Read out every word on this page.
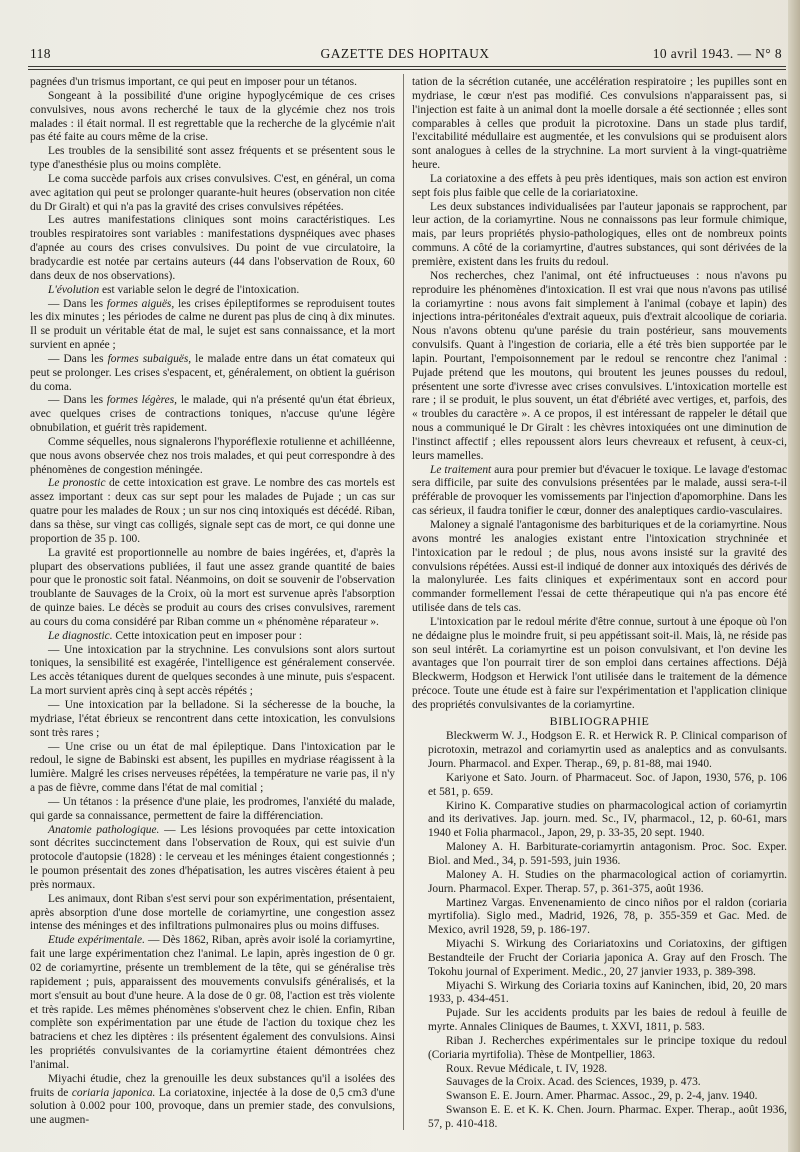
118	GAZETTE DES HOPITAUX	10 avril 1943. — N° 8

pagnées d'un trismus important, ce qui peut en imposer pour un tétanos.

Songeant à la possibilité d'une origine hypoglycémique de ces crises convulsives, nous avons recherché le taux de la glycémie chez nos trois malades : il était normal. Il est regrettable que la recherche de la glycémie n'ait pas été faite au cours même de la crise.

Les troubles de la sensibilité sont assez fréquents et se présentent sous le type d'anesthésie plus ou moins complète.

Le coma succède parfois aux crises convulsives. C'est, en général, un coma avec agitation qui peut se prolonger quarante-huit heures (observation non citée du Dr Giralt) et qui n'a pas la gravité des crises convulsives répétées.

Les autres manifestations cliniques sont moins caractéristiques. Les troubles respiratoires sont variables : manifestations dyspnéiques avec phases d'apnée au cours des crises convulsives. Du point de vue circulatoire, la bradycardie est notée par certains auteurs (44 dans l'observation de Roux, 60 dans deux de nos observations).

L'évolution est variable selon le degré de l'intoxication.

— Dans les formes aiguës, les crises épileptiformes se reproduisent toutes les dix minutes ; les périodes de calme ne durent pas plus de cinq à dix minutes. Il se produit un véritable état de mal, le sujet est sans connaissance, et la mort survient en apnée ;

— Dans les formes subaiguës, le malade entre dans un état comateux qui peut se prolonger. Les crises s'espacent, et, généralement, on obtient la guérison du coma.

— Dans les formes légères, le malade, qui n'a présenté qu'un état ébrieux, avec quelques crises de contractions toniques, n'accuse qu'une légère obnubilation, et guérit très rapidement.

Comme séquelles, nous signalerons l'hyporéflexie rotulienne et achilléenne, que nous avons observée chez nos trois malades, et qui peut correspondre à des phénomènes de congestion méningée.

Le pronostic de cette intoxication est grave. Le nombre des cas mortels est assez important : deux cas sur sept pour les malades de Pujade ; un cas sur quatre pour les malades de Roux ; un sur nos cinq intoxiqués est décédé. Riban, dans sa thèse, sur vingt cas colligés, signale sept cas de mort, ce qui donne une proportion de 35 p. 100.

La gravité est proportionnelle au nombre de baies ingérées, et, d'après la plupart des observations publiées, il faut une assez grande quantité de baies pour que le pronostic soit fatal. Néanmoins, on doit se souvenir de l'observation troublante de Sauvages de la Croix, où la mort est survenue après l'absorption de quinze baies. Le décès se produit au cours des crises convulsives, rarement au cours du coma considéré par Riban comme un « phénomène réparateur ».

Le diagnostic. Cette intoxication peut en imposer pour :

— Une intoxication par la strychnine. Les convulsions sont alors surtout toniques, la sensibilité est exagérée, l'intelligence est généralement conservée. Les accès tétaniques durent de quelques secondes à une minute, puis s'espacent. La mort survient après cinq à sept accès répétés ;

— Une intoxication par la belladone. Si la sécheresse de la bouche, la mydriase, l'état ébrieux se rencontrent dans cette intoxication, les convulsions sont très rares ;

— Une crise ou un état de mal épileptique. Dans l'intoxication par le redoul, le signe de Babinski est absent, les pupilles en mydriase réagissent à la lumière. Malgré les crises nerveuses répétées, la température ne varie pas, il n'y a pas de fièvre, comme dans l'état de mal comitial ;

— Un tétanos : la présence d'une plaie, les prodromes, l'anxiété du malade, qui garde sa connaissance, permettent de faire la différenciation.

Anatomie pathologique. — Les lésions provoquées par cette intoxication sont décrites succinctement dans l'observation de Roux, qui est suivie d'un protocole d'autopsie (1828) : le cerveau et les méninges étaient congestionnés ; le poumon présentait des zones d'hépatisation, les autres viscères étaient à peu près normaux.

Les animaux, dont Riban s'est servi pour son expérimentation, présentaient, après absorption d'une dose mortelle de coriamyrtine, une congestion assez intense des méninges et des infiltrations pulmonaires plus ou moins diffuses.

Etude expérimentale. — Dès 1862, Riban, après avoir isolé la coriamyrtine, fait une large expérimentation chez l'animal. Le lapin, après ingestion de 0 gr. 02 de coriamyrtine, présente un tremblement de la tête, qui se généralise très rapidement ; puis, apparaissent des mouvements convulsifs généralisés, et la mort s'ensuit au bout d'une heure. A la dose de 0 gr. 08, l'action est très violente et très rapide. Les mêmes phénomènes s'observent chez le chien. Enfin, Riban complète son expérimentation par une étude de l'action du toxique chez les batraciens et chez les diptères : ils présentent également des convulsions. Ainsi les propriétés convulsivantes de la coriamyrtine étaient démontrées chez l'animal.

Miyachi étudie, chez la grenouille les deux substances qu'il a isolées des fruits de coriaria japonica. La coriatoxine, injectée à la dose de 0,5 cm3 d'une solution à 0.002 pour 100, provoque, dans un premier stade, des convulsions, une augmen-

tation de la sécrétion cutanée, une accélération respiratoire ; les pupilles sont en mydriase, le cœur n'est pas modifié. Ces convulsions n'apparaissent pas, si l'injection est faite à un animal dont la moelle dorsale a été sectionnée ; elles sont comparables à celles que produit la picrotoxine. Dans un stade plus tardif, l'excitabilité médullaire est augmentée, et les convulsions qui se produisent alors sont analogues à celles de la strychnine. La mort survient à la vingt-quatrième heure.

La coriatoxine a des effets à peu près identiques, mais son action est environ sept fois plus faible que celle de la coriariatoxine.

Les deux substances individualisées par l'auteur japonais se rapprochent, par leur action, de la coriamyrtine. Nous ne connaissons pas leur formule chimique, mais, par leurs propriétés physio-pathologiques, elles ont de nombreux points communs. A côté de la coriamyrtine, d'autres substances, qui sont dérivées de la première, existent dans les fruits du redoul.

Nos recherches, chez l'animal, ont été infructueuses : nous n'avons pu reproduire les phénomènes d'intoxication. Il est vrai que nous n'avons pas utilisé la coriamyrtine : nous avons fait simplement à l'animal (cobaye et lapin) des injections intra-péritonéales d'extrait aqueux, puis d'extrait alcoolique de coriaria. Nous n'avons obtenu qu'une parésie du train postérieur, sans mouvements convulsifs. Quant à l'ingestion de coriaria, elle a été très bien supportée par le lapin. Pourtant, l'empoisonnement par le redoul se rencontre chez l'animal : Pujade prétend que les moutons, qui broutent les jeunes pousses du redoul, présentent une sorte d'ivresse avec crises convulsives. L'intoxication mortelle est rare ; il se produit, le plus souvent, un état d'ébriété avec vertiges, et, parfois, des « troubles du caractère ». A ce propos, il est intéressant de rappeler le détail que nous a communiqué le Dr Giralt : les chèvres intoxiquées ont une diminution de l'instinct affectif ; elles repoussent alors leurs chevreaux et refusent, à ceux-ci, leurs mamelles.

Le traitement aura pour premier but d'évacuer le toxique. Le lavage d'estomac sera difficile, par suite des convulsions présentées par le malade, aussi sera-t-il préférable de provoquer les vomissements par l'injection d'apomorphine. Dans les cas sérieux, il faudra tonifier le cœur, donner des analeptiques cardio-vasculaires.

Maloney a signalé l'antagonisme des barbituriques et de la coriamyrtine. Nous avons montré les analogies existant entre l'intoxication strychninée et l'intoxication par le redoul ; de plus, nous avons insisté sur la gravité des convulsions répétées. Aussi est-il indiqué de donner aux intoxiqués des dérivés de la malonylurée. Les faits cliniques et expérimentaux sont en accord pour commander formellement l'essai de cette thérapeutique qui n'a pas encore été utilisée dans de tels cas.

L'intoxication par le redoul mérite d'être connue, surtout à une époque où l'on ne dédaigne plus le moindre fruit, si peu appétissant soit-il. Mais, là, ne réside pas son seul intérêt. La coriamyrtine est un poison convulsivant, et l'on devine les avantages que l'on pourrait tirer de son emploi dans certaines affections. Déjà Bleckwerm, Hodgson et Herwick l'ont utilisée dans le traitement de la démence précoce. Toute une étude est à faire sur l'expérimentation et l'application clinique des propriétés convulsivantes de la coriamyrtine.

BIBLIOGRAPHIE

Bleckwerm W. J., Hodgson E. R. et Herwick R. P. Clinical comparison of picrotoxin, metrazol and coriamyrtin used as analeptics and as convulsants. Journ. Pharmacol. and Exper. Therap., 69, p. 81-88, mai 1940.

Kariyone et Sato. Journ. of Pharmaceut. Soc. of Japon, 1930, 576, p. 106 et 581, p. 659.

Kirino K. Comparative studies on pharmacological action of coriamyrtin and its derivatives. Jap. journ. med. Sc., IV, pharmacol., 12, p. 60-61, mars 1940 et Folia pharmacol., Japon, 29, p. 33-35, 20 sept. 1940.

Maloney A. H. Barbiturate-coriamyrtin antagonism. Proc. Soc. Exper. Biol. and Med., 34, p. 591-593, juin 1936.

Maloney A. H. Studies on the pharmacological action of coriamyrtin. Journ. Pharmacol. Exper. Therap. 57, p. 361-375, août 1936.

Martinez Vargas. Envenenamiento de cinco niños por el raldon (coriaria myrtifolia). Siglo med., Madrid, 1926, 78, p. 355-359 et Gac. Med. de Mexico, avril 1928, 59, p. 186-197.

Miyachi S. Wirkung des Coriariatoxins und Coriatoxins, der giftigen Bestandteile der Frucht der Coriaria japonica A. Gray auf den Frosch. The Tokohu journal of Experiment. Medic., 20, 27 janvier 1933, p. 389-398.

Miyachi S. Wirkung des Coriaria toxins auf Kaninchen, ibid, 20, 20 mars 1933, p. 434-451.

Pujade. Sur les accidents produits par les baies de redoul à feuille de myrte. Annales Cliniques de Baumes, t. XXVI, 1811, p. 583.

Riban J. Recherches expérimentales sur le principe toxique du redoul (Coriaria myrtifolia). Thèse de Montpellier, 1863.

Roux. Revue Médicale, t. IV, 1928.

Sauvages de la Croix. Acad. des Sciences, 1939, p. 473.

Swanson E. E. Journ. Amer. Pharmac. Assoc., 29, p. 2-4, janv. 1940.

Swanson E. E. et K. K. Chen. Journ. Pharmac. Exper. Therap., août 1936, 57, p. 410-418.
